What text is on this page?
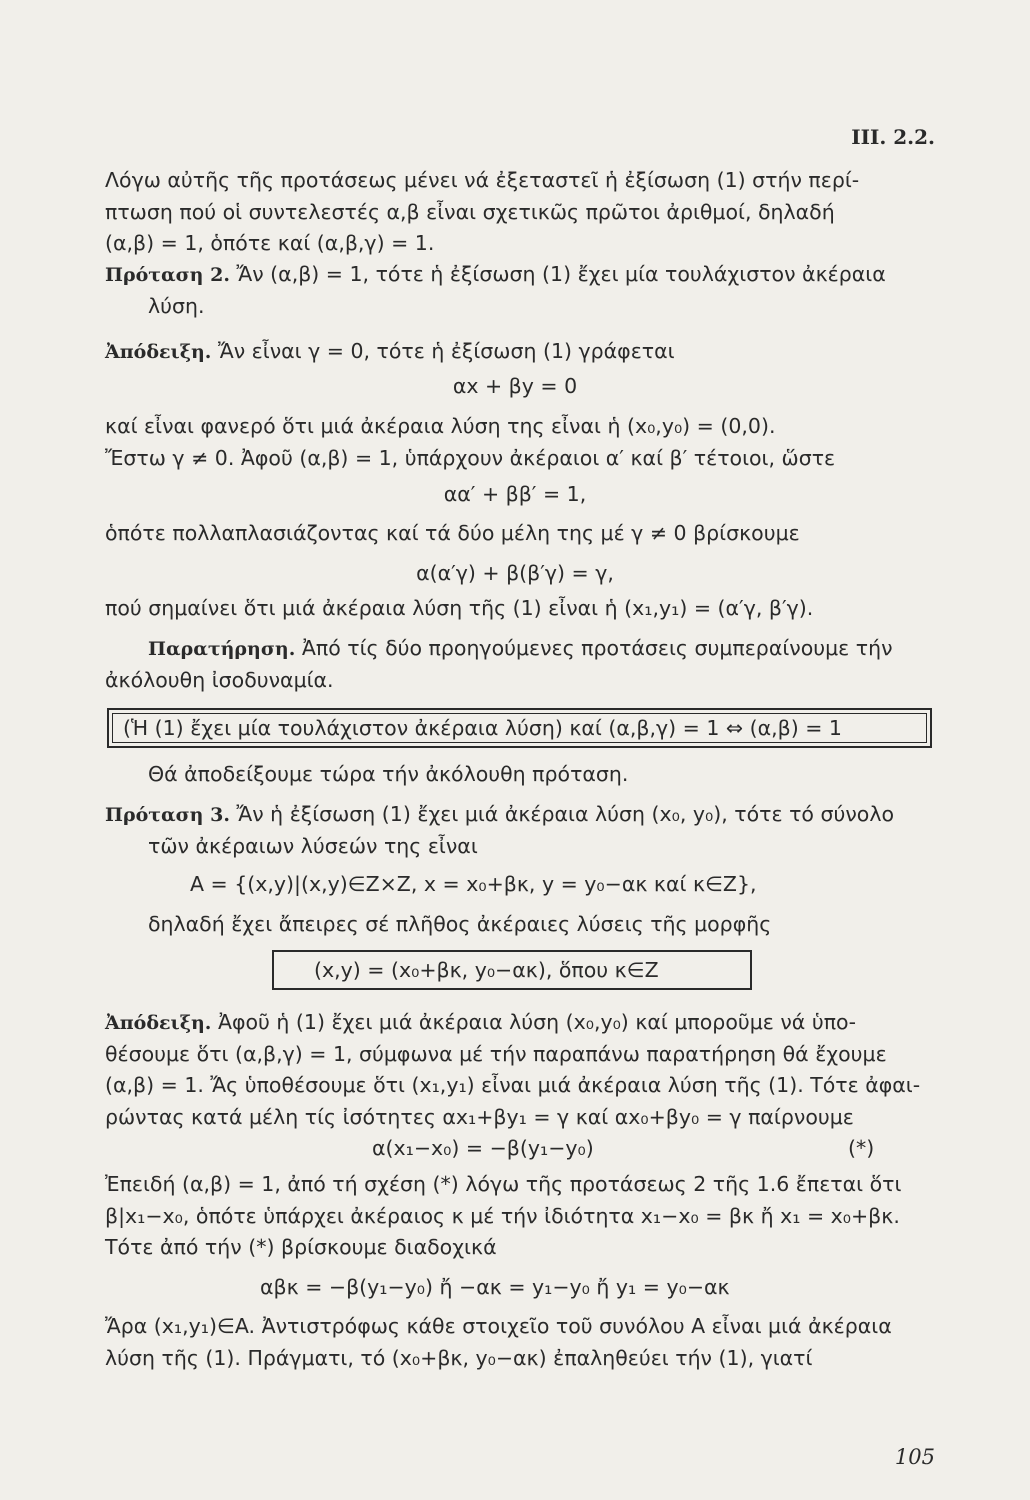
III. 2.2.
Λόγω αὐτῆς τῆς προτάσεως μένει νά ἐξεταστεῖ ἡ ἐξίσωση (1) στήν περί-
πτωση πού οἱ συντελεστές α,β εἶναι σχετικῶς πρῶτοι ἀριθμοί, δηλαδή
(α,β) = 1, ὁπότε καί (α,β,γ) = 1.
Πρόταση 2. Ἄν (α,β) = 1, τότε ἡ ἐξίσωση (1) ἔχει μία τουλάχιστον ἀκέραια
λύση.
Ἀπόδειξη. Ἄν εἶναι γ = 0, τότε ἡ ἐξίσωση (1) γράφεται
αx + βy = 0
καί εἶναι φανερό ὅτι μιά ἀκέραια λύση της εἶναι ἡ (x₀,y₀) = (0,0).
Ἔστω γ ≠ 0. Ἀφοῦ (α,β) = 1, ὑπάρχουν ἀκέραιοι α′ καί β′ τέτοιοι, ὥστε
αα′ + ββ′ = 1,
ὁπότε πολλαπλασιάζοντας καί τά δύο μέλη της μέ γ ≠ 0 βρίσκουμε
α(α′γ) + β(β′γ) = γ,
πού σημαίνει ὅτι μιά ἀκέραια λύση τῆς (1) εἶναι ἡ (x₁,y₁) = (α′γ, β′γ).
Παρατήρηση. Ἀπό τίς δύο προηγούμενες προτάσεις συμπεραίνουμε τήν
ἀκόλουθη ἰσοδυναμία.
(Ἡ (1) ἔχει μία τουλάχιστον ἀκέραια λύση) καί (α,β,γ) = 1 ⇔ (α,β) = 1
Θά ἀποδείξουμε τώρα τήν ἀκόλουθη πρόταση.
Πρόταση 3. Ἄν ἡ ἐξίσωση (1) ἔχει μιά ἀκέραια λύση (x₀, y₀), τότε τό σύνολο
τῶν ἀκέραιων λύσεών της εἶναι
A = {(x,y)|(x,y)∈Z×Z, x = x₀+βκ, y = y₀−ακ καί κ∈Z},
δηλαδή ἔχει ἄπειρες σέ πλῆθος ἀκέραιες λύσεις τῆς μορφῆς
(x,y) = (x₀+βκ, y₀−ακ), ὅπου κ∈Z
Ἀπόδειξη. Ἀφοῦ ἡ (1) ἔχει μιά ἀκέραια λύση (x₀,y₀) καί μποροῦμε νά ὑπο-
θέσουμε ὅτι (α,β,γ) = 1, σύμφωνα μέ τήν παραπάνω παρατήρηση θά ἔχουμε
(α,β) = 1. Ἄς ὑποθέσουμε ὅτι (x₁,y₁) εἶναι μιά ἀκέραια λύση τῆς (1). Τότε ἀφαι-
ρώντας κατά μέλη τίς ἰσότητες αx₁+βy₁ = γ καί αx₀+βy₀ = γ παίρνουμε
α(x₁−x₀) = −β(y₁−y₀)	(*)
Ἐπειδή (α,β) = 1, ἀπό τή σχέση (*) λόγω τῆς προτάσεως 2 τῆς 1.6 ἔπεται ὅτι
β|x₁−x₀, ὁπότε ὑπάρχει ἀκέραιος κ μέ τήν ἰδιότητα x₁−x₀ = βκ ἤ x₁ = x₀+βκ.
Τότε ἀπό τήν (*) βρίσκουμε διαδοχικά
αβκ = −β(y₁−y₀) ἤ −ακ = y₁−y₀ ἤ y₁ = y₀−ακ
Ἄρα (x₁,y₁)∈A. Ἀντιστρόφως κάθε στοιχεῖο τοῦ συνόλου A εἶναι μιά ἀκέραια
λύση τῆς (1). Πράγματι, τό (x₀+βκ, y₀−ακ) ἐπαληθεύει τήν (1), γιατί
105
